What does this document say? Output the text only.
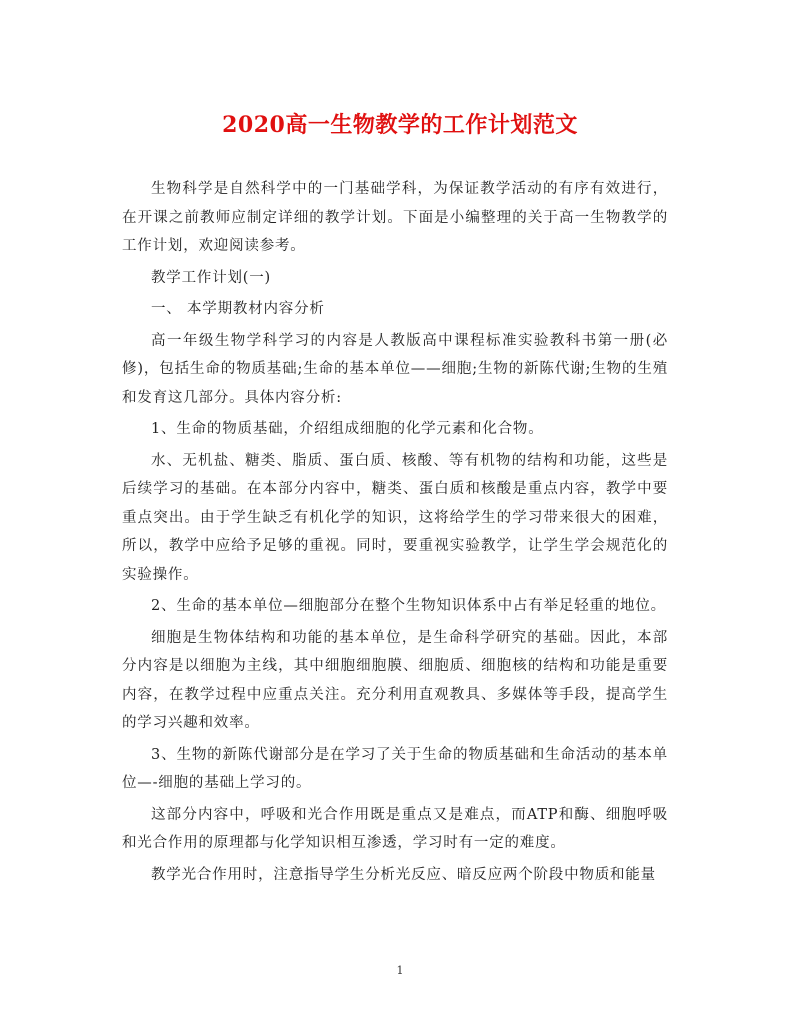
2020高一生物教学的工作计划范文

生物科学是自然科学中的一门基础学科，为保证教学活动的有序有效进行，在开课之前教师应制定详细的教学计划。下面是小编整理的关于高一生物教学的工作计划，欢迎阅读参考。

教学工作计划(一)

一、 本学期教材内容分析

高一年级生物学科学习的内容是人教版高中课程标准实验教科书第一册(必修)，包括生命的物质基础;生命的基本单位——细胞;生物的新陈代谢;生物的生殖和发育这几部分。具体内容分析:

1、生命的物质基础，介绍组成细胞的化学元素和化合物。

水、无机盐、糖类、脂质、蛋白质、核酸、等有机物的结构和功能，这些是后续学习的基础。在本部分内容中，糖类、蛋白质和核酸是重点内容，教学中要重点突出。由于学生缺乏有机化学的知识，这将给学生的学习带来很大的困难，所以，教学中应给予足够的重视。同时，要重视实验教学，让学生学会规范化的实验操作。

2、生命的基本单位—细胞部分在整个生物知识体系中占有举足轻重的地位。

细胞是生物体结构和功能的基本单位，是生命科学研究的基础。因此，本部分内容是以细胞为主线，其中细胞细胞膜、细胞质、细胞核的结构和功能是重要内容，在教学过程中应重点关注。充分利用直观教具、多媒体等手段，提高学生的学习兴趣和效率。

3、生物的新陈代谢部分是在学习了关于生命的物质基础和生命活动的基本单位—-细胞的基础上学习的。

这部分内容中，呼吸和光合作用既是重点又是难点，而ATP和酶、细胞呼吸和光合作用的原理都与化学知识相互渗透，学习时有一定的难度。

教学光合作用时，注意指导学生分析光反应、暗反应两个阶段中物质和能量

1
